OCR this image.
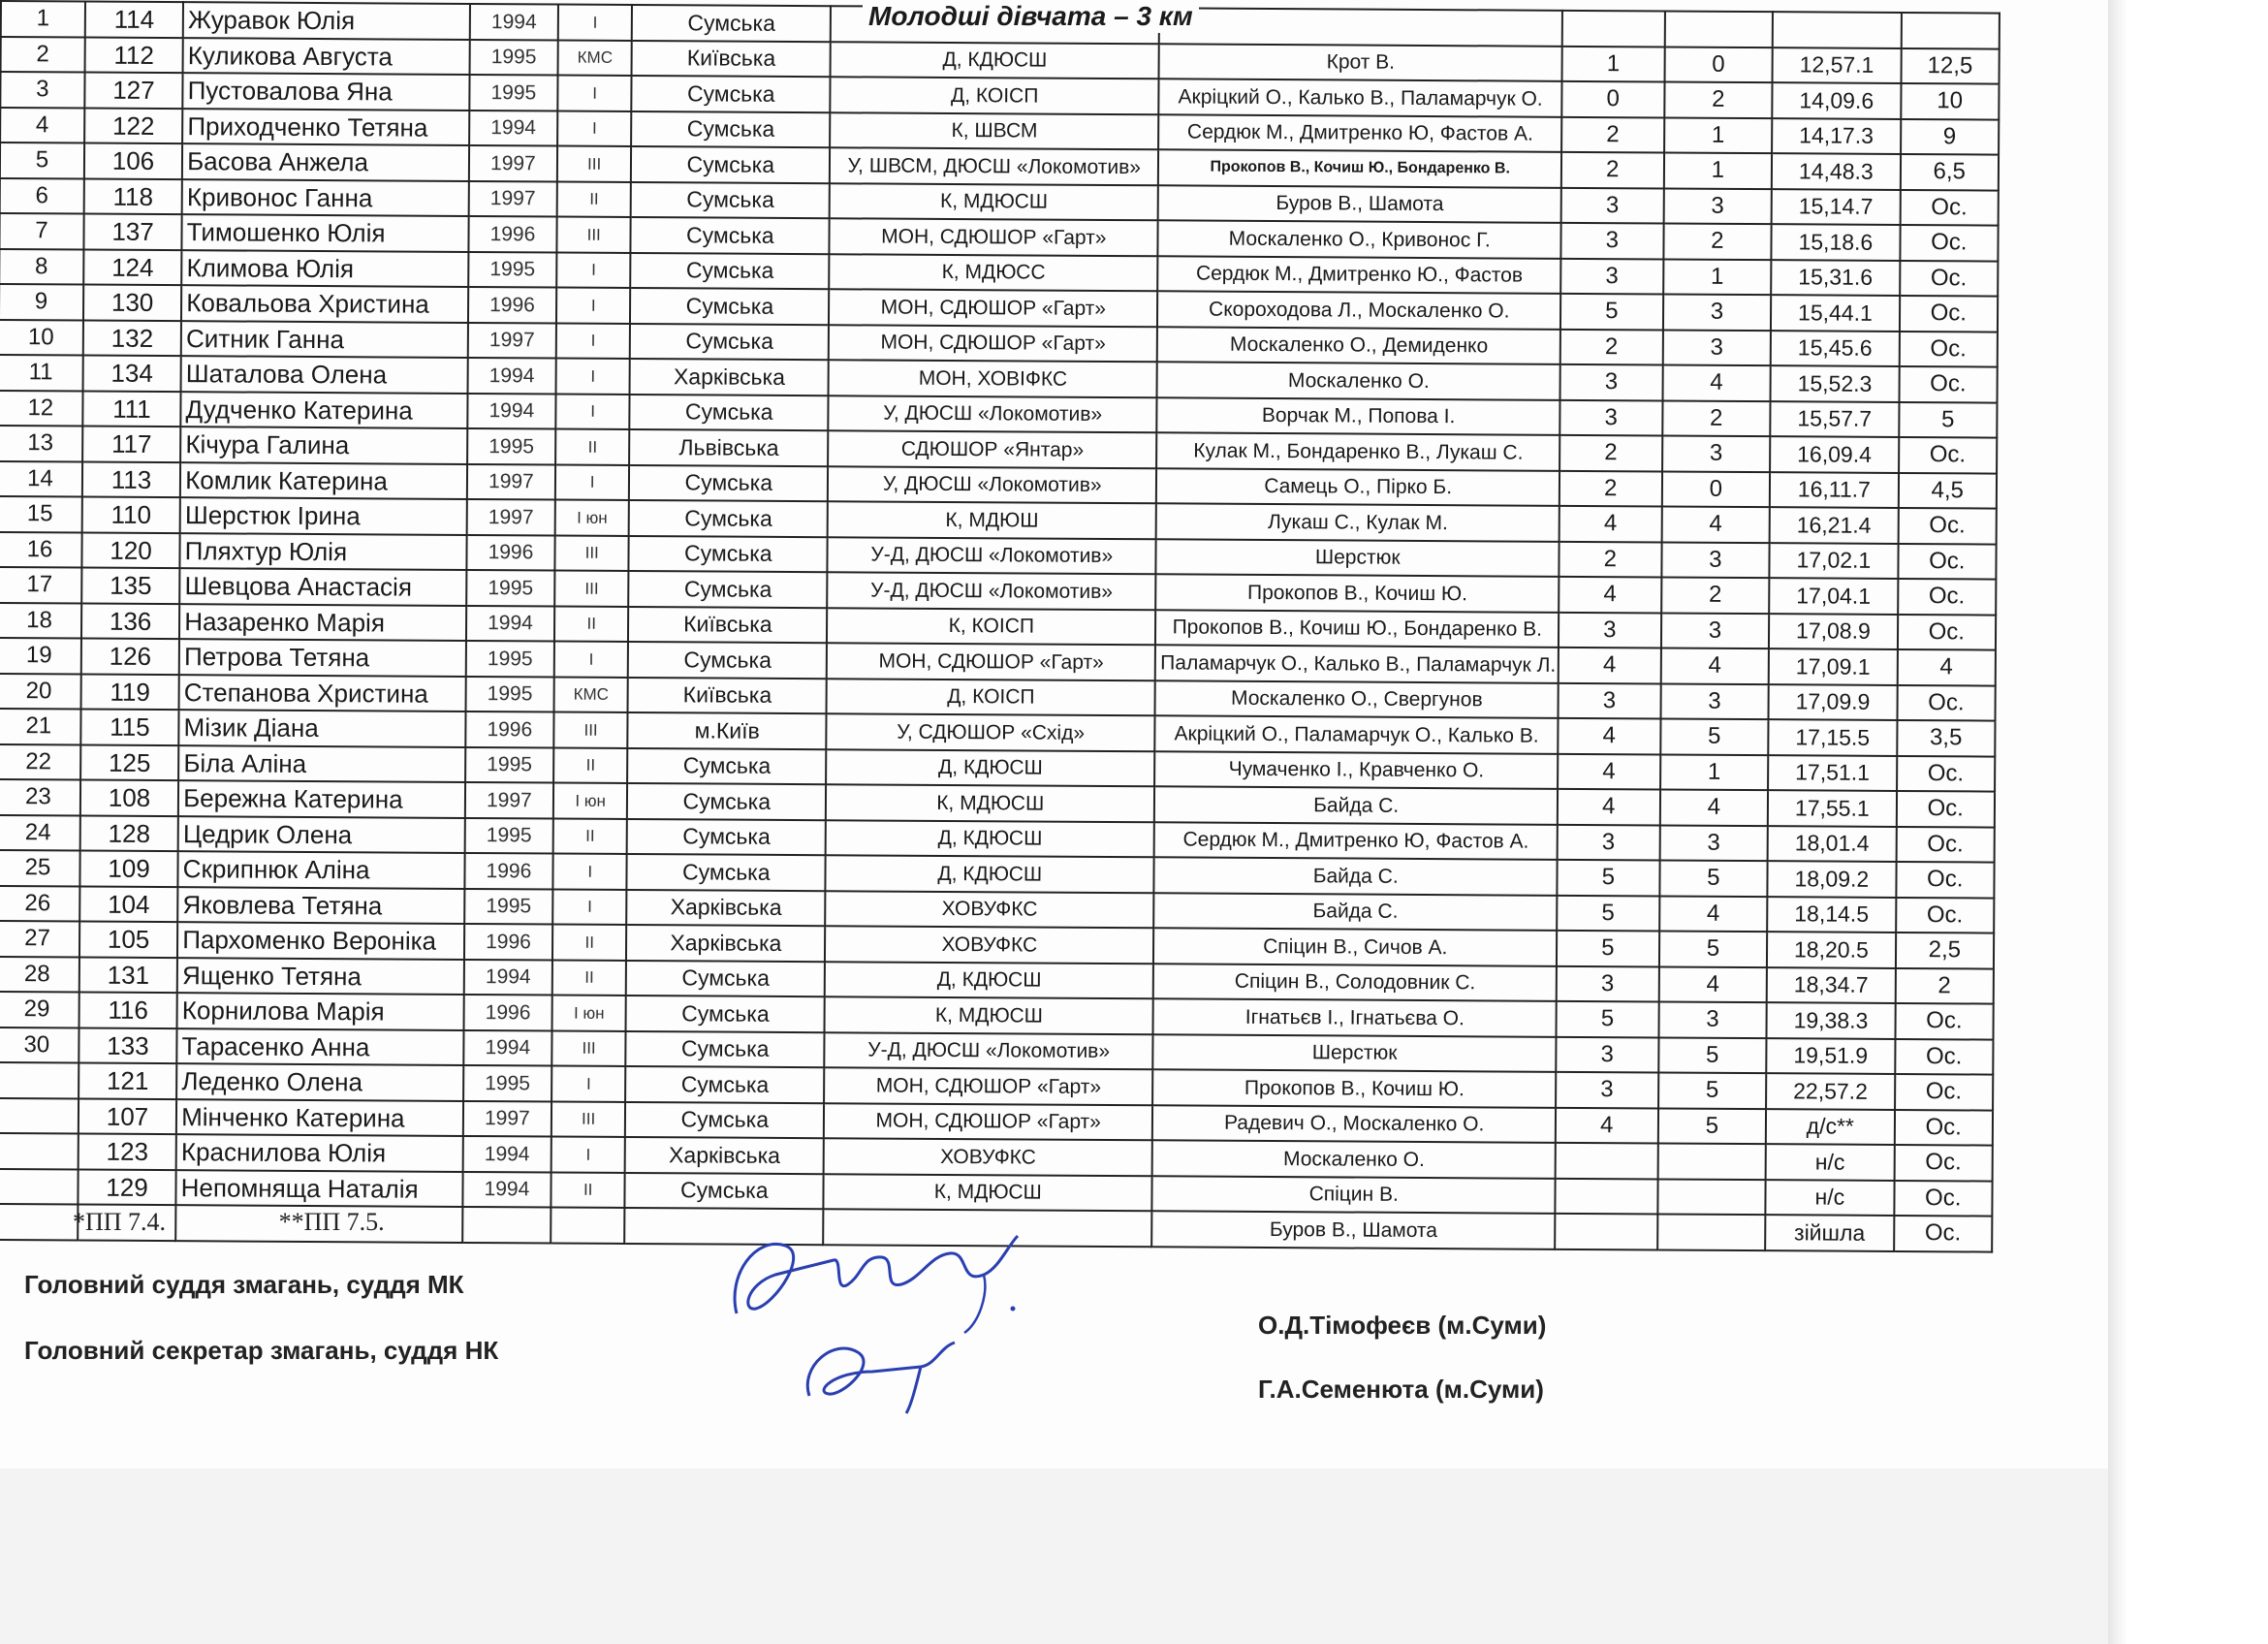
1	114	Журавок Юлія	1994	І	Сумська						
2	112	Куликова Августа	1995	КМС	Київська	Д, КДЮСШ	Крот В.	1	0	12,57.1	12,5
3	127	Пустовалова Яна	1995	І	Сумська	Д, КОІСП	Акріцкий О., Калько В., Паламарчук О.	0	2	14,09.6	10
4	122	Приходченко Тетяна	1994	І	Сумська	К, ШВСМ	Сердюк М., Дмитренко Ю, Фастов А.	2	1	14,17.3	9
5	106	Басова Анжела	1997	ІІІ	Сумська	У, ШВСМ, ДЮСШ «Локомотив»	Прокопов В., Кочиш Ю., Бондаренко В.	2	1	14,48.3	6,5
6	118	Кривонос Ганна	1997	ІІ	Сумська	К, МДЮСШ	Буров В., Шамота	3	3	15,14.7	Ос.
7	137	Тимошенко Юлія	1996	ІІІ	Сумська	МОН, СДЮШОР «Гарт»	Москаленко О., Кривонос Г.	3	2	15,18.6	Ос.
8	124	Климова Юлія	1995	І	Сумська	К, МДЮСС	Сердюк М., Дмитренко Ю., Фастов	3	1	15,31.6	Ос.
9	130	Ковальова Христина	1996	І	Сумська	МОН, СДЮШОР «Гарт»	Скороходова Л., Москаленко О.	5	3	15,44.1	Ос.
10	132	Ситник Ганна	1997	І	Сумська	МОН, СДЮШОР «Гарт»	Москаленко О., Демиденко	2	3	15,45.6	Ос.
11	134	Шаталова Олена	1994	І	Харківська	МОН, ХОВІФКС	Москаленко О.	3	4	15,52.3	Ос.
12	111	Дудченко Катерина	1994	І	Сумська	У, ДЮСШ «Локомотив»	Ворчак М., Попова І.	3	2	15,57.7	5
13	117	Кічура Галина	1995	ІІ	Львівська	СДЮШОР «Янтар»	Кулак М., Бондаренко В., Лукаш С.	2	3	16,09.4	Ос.
14	113	Комлик Катерина	1997	І	Сумська	У, ДЮСШ «Локомотив»	Самець О., Пірко Б.	2	0	16,11.7	4,5
15	110	Шерстюк Ірина	1997	І юн	Сумська	К, МДЮШ	Лукаш С., Кулак М.	4	4	16,21.4	Ос.
16	120	Пляхтур Юлія	1996	ІІІ	Сумська	У-Д, ДЮСШ «Локомотив»	Шерстюк	2	3	17,02.1	Ос.
17	135	Шевцова Анастасія	1995	ІІІ	Сумська	У-Д, ДЮСШ «Локомотив»	Прокопов В., Кочиш Ю.	4	2	17,04.1	Ос.
18	136	Назаренко Марія	1994	ІІ	Київська	К, КОІСП	Прокопов В., Кочиш Ю., Бондаренко В.	3	3	17,08.9	Ос.
19	126	Петрова Тетяна	1995	І	Сумська	МОН, СДЮШОР «Гарт»	Паламарчук О., Калько В., Паламарчук Л.	4	4	17,09.1	4
20	119	Степанова Христина	1995	КМС	Київська	Д, КОІСП	Москаленко О., Свергунов	3	3	17,09.9	Ос.
21	115	Мізик Діана	1996	ІІІ	м.Київ	У, СДЮШОР «Схід»	Акріцкий О., Паламарчук О., Калько В.	4	5	17,15.5	3,5
22	125	Біла Аліна	1995	ІІ	Сумська	Д, КДЮСШ	Чумаченко І., Кравченко О.	4	1	17,51.1	Ос.
23	108	Бережна Катерина	1997	І юн	Сумська	К, МДЮСШ	Байда С.	4	4	17,55.1	Ос.
24	128	Цедрик Олена	1995	ІІ	Сумська	Д, КДЮСШ	Сердюк М., Дмитренко Ю, Фастов А.	3	3	18,01.4	Ос.
25	109	Скрипнюк Аліна	1996	І	Сумська	Д, КДЮСШ	Байда С.	5	5	18,09.2	Ос.
26	104	Яковлева Тетяна	1995	І	Харківська	ХОВУФКС	Байда С.	5	4	18,14.5	Ос.
27	105	Пархоменко Вероніка	1996	ІІ	Харківська	ХОВУФКС	Спіцин В., Сичов А.	5	5	18,20.5	2,5
28	131	Ященко Тетяна	1994	ІІ	Сумська	Д, КДЮСШ	Спіцин В., Солодовник С.	3	4	18,34.7	2
29	116	Корнилова Марія	1996	І юн	Сумська	К, МДЮСШ	Ігнатьєв І., Ігнатьєва О.	5	3	19,38.3	Ос.
30	133	Тарасенко Анна	1994	ІІІ	Сумська	У-Д, ДЮСШ «Локомотив»	Шерстюк	3	5	19,51.9	Ос.
	121	Леденко Олена	1995	І	Сумська	МОН, СДЮШОР «Гарт»	Прокопов В., Кочиш Ю.	3	5	22,57.2	Ос.
	107	Мінченко Катерина	1997	ІІІ	Сумська	МОН, СДЮШОР «Гарт»	Радевич О., Москаленко О.	4	5	д/с**	Ос.
	123	Краснилова Юлія	1994	І	Харківська	ХОВУФКС	Москаленко О.			н/с	Ос.
	129	Непомняща Наталія	1994	ІІ	Сумська	К, МДЮСШ	Спіцин В.			н/с	Ос.
							Буров В., Шамота			зійшла	Ос.
Молодші дівчата – 3 км
*ПП 7.4.	**ПП 7.5.
Головний суддя змагань, суддя МК
Головний секретар змагань, суддя НК
О.Д.Тімофеєв (м.Суми)
Г.А.Семенюта (м.Суми)
